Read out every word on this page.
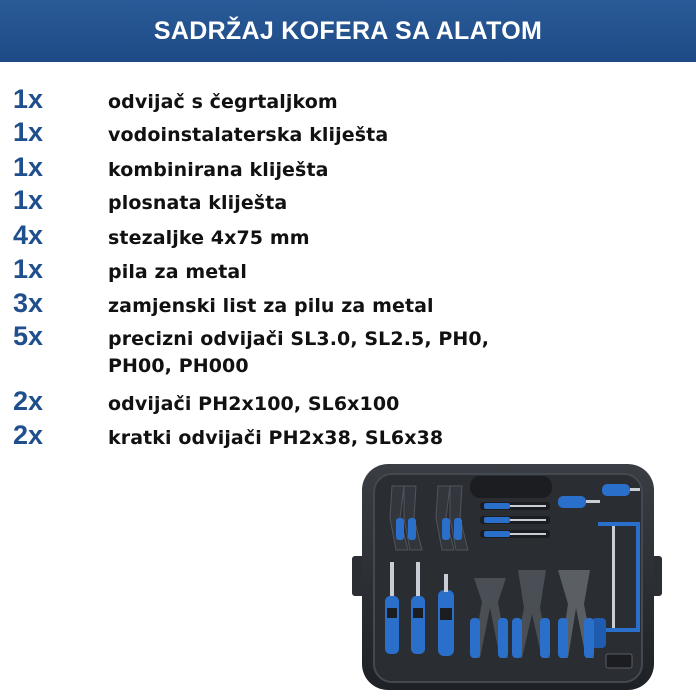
SADRŽAJ KOFERA SA ALATOM
1x	odvijač s čegrtaljkom
1x	vodoinstalaterska kliješta
1x	kombinirana kliješta
1x	plosnata kliješta
4x	stezaljke 4x75 mm
1x	pila za metal
3x	zamjenski list za pilu za metal
5x	precizni odvijači SL3.0, SL2.5, PH0,
PH00, PH000
2x	odvijači PH2x100, SL6x100
2x	kratki odvijači PH2x38, SL6x38
